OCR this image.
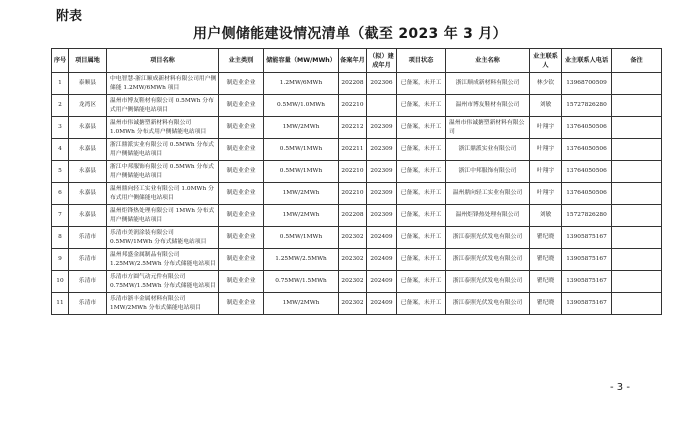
附表
用户侧储能建设情况清单（截至 2023 年 3 月）
序号	项目属地	项目名称	业主类别	储能容量（MW/MWh）	备案年月	（拟）建成年月	项目状态	业主名称	业主联系人	业主联系人电话	备注
1	泰顺县	中电智慧-浙江顺成新材料有限公司用户侧储能 1.2MW/6MWh 项目	制造业企业	1.2MW/6MWh	202208	202306	已备案，未开工	浙江顺成新材料有限公司	林少钦	13968700509	
2	龙湾区	温州市博友鞋材有限公司 0.5MWh 分布式用户侧储能电站项目	制造业企业	0.5MW/1.0MWh	202210		已备案，未开工	温州市博友鞋材有限公司	刘敏	15727826280	
3	永嘉县	温州市伟诚搪塑新材料有限公司 1.0MWh 分布式用户侧储能电站项目	制造业企业	1MW/2MWh	202212	202309	已备案，未开工	温州市伟诚搪塑新材料有限公司	叶翔宇	13764050506	
4	永嘉县	浙江鼎派实业有限公司 0.5MWh 分布式用户侧储能电站项目	制造业企业	0.5MW/1MWh	202211	202309	已备案，未开工	浙江鼎派实业有限公司	叶翔宇	13764050506	
5	永嘉县	浙江中邦服饰有限公司 0.5MWh 分布式用户侧储能电站项目	制造业企业	0.5MW/1MWh	202210	202309	已备案，未开工	浙江中邦服饰有限公司	叶翔宇	13764050506	
6	永嘉县	温州鼎向轻工实业有限公司 1.0MWh 分布式用户侧储能电站项目	制造业企业	1MW/2MWh	202210	202309	已备案，未开工	温州鼎向轻工实业有限公司	叶翔宇	13764050506	
7	永嘉县	温州炬锋热处理有限公司 1MWh 分布式用户侧储能电站项目	制造业企业	1MW/2MWh	202208	202309	已备案，未开工	温州炬锋热处理有限公司	刘敏	15727826280	
8	乐清市	乐清市美润涂装有限公司 0.5MW/1MWh 分布式储能电站项目	制造业企业	0.5MW/1MWh	202302	202409	已备案，未开工	浙江泰照光伏发电有限公司	瞿纪晓	13905875167	
9	乐清市	温州邦盛金属制品有限公司 1.25MW/2.5MWh 分布式储能电站项目	制造业企业	1.25MW/2.5MWh	202302	202409	已备案，未开工	浙江泰照光伏发电有限公司	瞿纪晓	13905875167	
10	乐清市	乐清市方圆气动元件有限公司 0.75MW/1.5MWh 分布式储能电站项目	制造业企业	0.75MW/1.5MWh	202302	202409	已备案，未开工	浙江泰照光伏发电有限公司	瞿纪晓	13905875167	
11	乐清市	乐清市浙丰金属材料有限公司 1MW/2MWh 分布式储能电站项目	制造业企业	1MW/2MWh	202302	202409	已备案，未开工	浙江泰照光伏发电有限公司	瞿纪晓	13905875167	
- 3 -
